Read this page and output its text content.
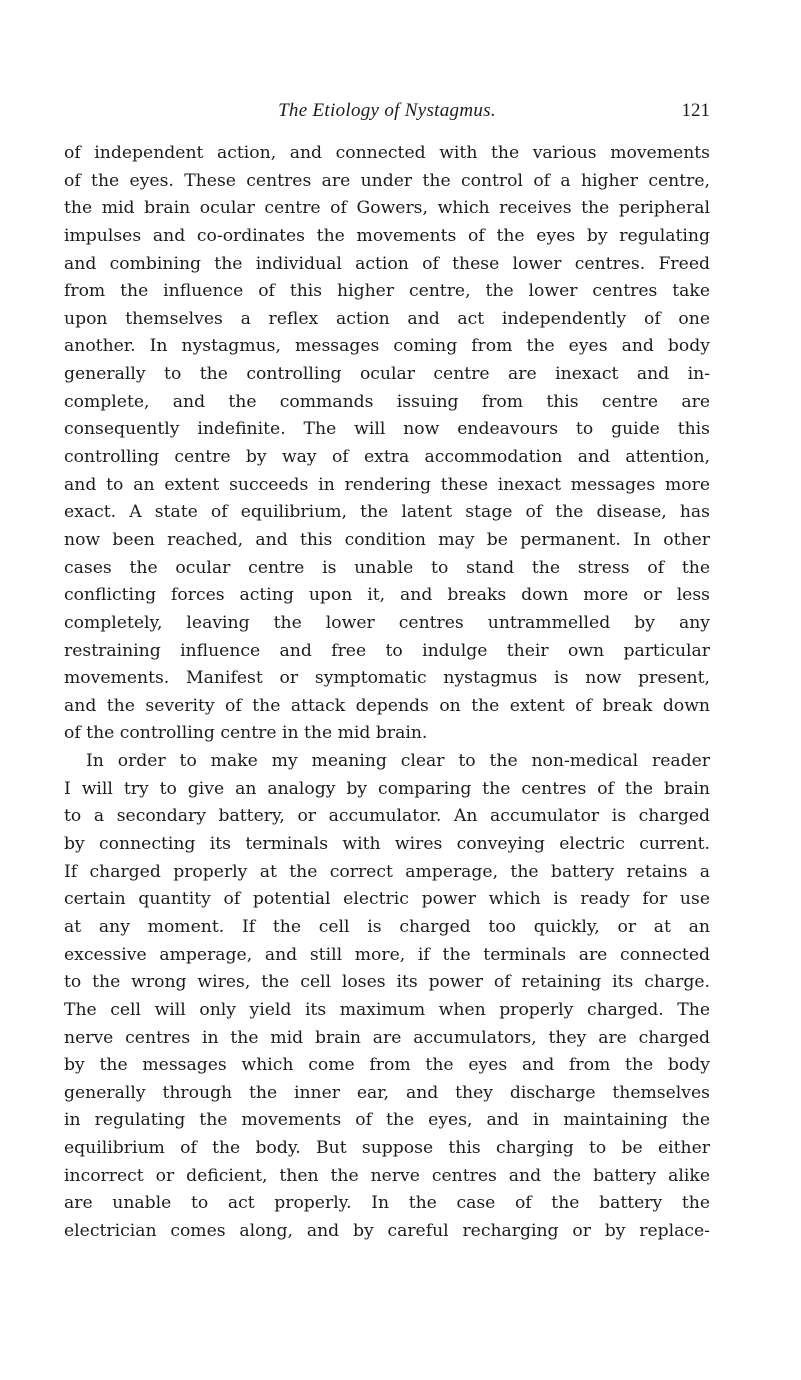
The Etiology of Nystagmus.	121
of independent action, and connected with the various movements
of the eyes. These centres are under the control of a higher centre,
the mid brain ocular centre of Gowers, which receives the peripheral
impulses and co-ordinates the movements of the eyes by regulating
and combining the individual action of these lower centres. Freed
from the influence of this higher centre, the lower centres take
upon themselves a reflex action and act independently of one
another. In nystagmus, messages coming from the eyes and body
generally to the controlling ocular centre are inexact and in-
complete, and the commands issuing from this centre are
consequently indefinite. The will now endeavours to guide this
controlling centre by way of extra accommodation and attention,
and to an extent succeeds in rendering these inexact messages more
exact. A state of equilibrium, the latent stage of the disease, has
now been reached, and this condition may be permanent. In other
cases the ocular centre is unable to stand the stress of the
conflicting forces acting upon it, and breaks down more or less
completely, leaving the lower centres untrammelled by any
restraining influence and free to indulge their own particular
movements. Manifest or symptomatic nystagmus is now present,
and the severity of the attack depends on the extent of break down
of the controlling centre in the mid brain.
In order to make my meaning clear to the non-medical reader
I will try to give an analogy by comparing the centres of the brain
to a secondary battery, or accumulator. An accumulator is charged
by connecting its terminals with wires conveying electric current.
If charged properly at the correct amperage, the battery retains a
certain quantity of potential electric power which is ready for use
at any moment. If the cell is charged too quickly, or at an
excessive amperage, and still more, if the terminals are connected
to the wrong wires, the cell loses its power of retaining its charge.
The cell will only yield its maximum when properly charged. The
nerve centres in the mid brain are accumulators, they are charged
by the messages which come from the eyes and from the body
generally through the inner ear, and they discharge themselves
in regulating the movements of the eyes, and in maintaining the
equilibrium of the body. But suppose this charging to be either
incorrect or deficient, then the nerve centres and the battery alike
are unable to act properly. In the case of the battery the
electrician comes along, and by careful recharging or by replace-
